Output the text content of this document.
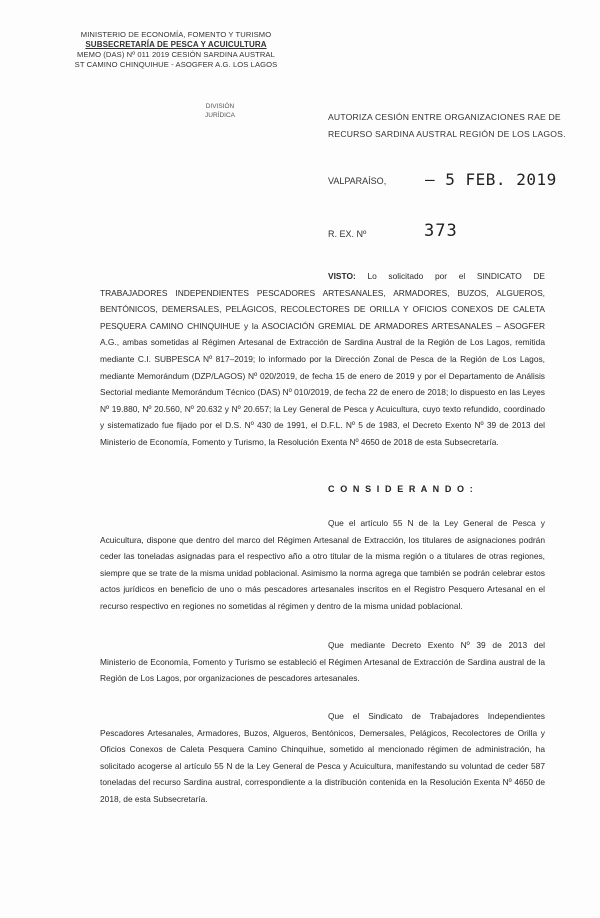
MINISTERIO DE ECONOMÍA, FOMENTO Y TURISMO
SUBSECRETARÍA DE PESCA Y ACUICULTURA
MEMO (DAS) Nº 011 2019 CESIÓN SARDINA AUSTRAL
ST CAMINO CHINQUIHUE - ASOGFER A.G. LOS LAGOS
DIVISIÓN
JURÍDICA	AUTORIZA CESIÓN ENTRE ORGANIZACIONES RAE DE RECURSO SARDINA AUSTRAL REGIÓN DE LOS LAGOS.
VALPARAÍSO, – 5 FEB. 2019
R. EX. Nº	373
VISTO: Lo solicitado por el SINDICATO DE TRABAJADORES INDEPENDIENTES PESCADORES ARTESANALES, ARMADORES, BUZOS, ALGUEROS, BENTÓNICOS, DEMERSALES, PELÁGICOS, RECOLECTORES DE ORILLA Y OFICIOS CONEXOS DE CALETA PESQUERA CAMINO CHINQUIHUE y la ASOCIACIÓN GREMIAL DE ARMADORES ARTESANALES – ASOGFER A.G., ambas sometidas al Régimen Artesanal de Extracción de Sardina Austral de la Región de Los Lagos, remitida mediante C.I. SUBPESCA Nº 817–2019; lo informado por la Dirección Zonal de Pesca de la Región de Los Lagos, mediante Memorándum (DZP/LAGOS) Nº 020/2019, de fecha 15 de enero de 2019 y por el Departamento de Análisis Sectorial mediante Memorándum Técnico (DAS) Nº 010/2019, de fecha 22 de enero de 2018; lo dispuesto en las Leyes Nº 19.880, Nº 20.560, Nº 20.632 y Nº 20.657; la Ley General de Pesca y Acuicultura, cuyo texto refundido, coordinado y sistematizado fue fijado por el D.S. Nº 430 de 1991, el D.F.L. Nº 5 de 1983, el Decreto Exento Nº 39 de 2013 del Ministerio de Economía, Fomento y Turismo, la Resolución Exenta Nº 4650 de 2018 de esta Subsecretaría.
C O N S I D E R A N D O :
Que el artículo 55 N de la Ley General de Pesca y Acuicultura, dispone que dentro del marco del Régimen Artesanal de Extracción, los titulares de asignaciones podrán ceder las toneladas asignadas para el respectivo año a otro titular de la misma región o a titulares de otras regiones, siempre que se trate de la misma unidad poblacional. Asimismo la norma agrega que también se podrán celebrar estos actos jurídicos en beneficio de uno o más pescadores artesanales inscritos en el Registro Pesquero Artesanal en el recurso respectivo en regiones no sometidas al régimen y dentro de la misma unidad poblacional.
Que mediante Decreto Exento Nº 39 de 2013 del Ministerio de Economía, Fomento y Turismo se estableció el Régimen Artesanal de Extracción de Sardina austral de la Región de Los Lagos, por organizaciones de pescadores artesanales.
Que el Sindicato de Trabajadores Independientes Pescadores Artesanales, Armadores, Buzos, Algueros, Bentónicos, Demersales, Pelágicos, Recolectores de Orilla y Oficios Conexos de Caleta Pesquera Camino Chinquihue, sometido al mencionado régimen de administración, ha solicitado acogerse al artículo 55 N de la Ley General de Pesca y Acuicultura, manifestando su voluntad de ceder 587 toneladas del recurso Sardina austral, correspondiente a la distribución contenida en la Resolución Exenta Nº 4650 de 2018, de esta Subsecretaría.
